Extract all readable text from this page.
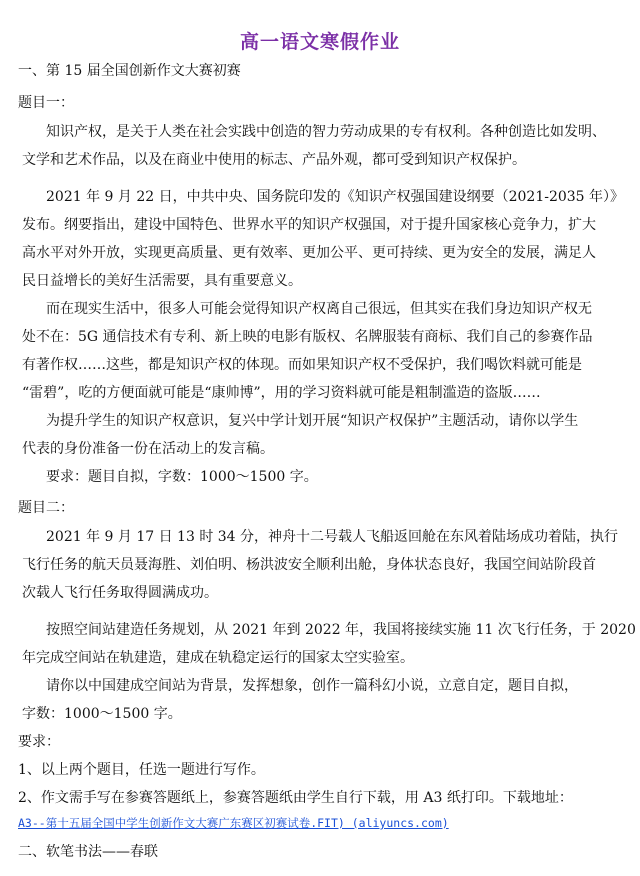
高一语文寒假作业
一、第 15 届全国创新作文大赛初赛
题目一：
知识产权，是关于人类在社会实践中创造的智力劳动成果的专有权利。各种创造比如发明、
文学和艺术作品，以及在商业中使用的标志、产品外观，都可受到知识产权保护。
2021 年 9 月 22 日，中共中央、国务院印发的《知识产权强国建设纲要（2021-2035 年）》
发布。纲要指出，建设中国特色、世界水平的知识产权强国，对于提升国家核心竞争力，扩大
高水平对外开放，实现更高质量、更有效率、更加公平、更可持续、更为安全的发展，满足人
民日益增长的美好生活需要，具有重要意义。
而在现实生活中，很多人可能会觉得知识产权离自己很远，但其实在我们身边知识产权无
处不在：5G 通信技术有专利、新上映的电影有版权、名牌服装有商标、我们自己的参赛作品
有著作权……这些，都是知识产权的体现。而如果知识产权不受保护，我们喝饮料就可能是
“雷碧”，吃的方便面就可能是“康帅博”，用的学习资料就可能是粗制滥造的盗版……
为提升学生的知识产权意识，复兴中学计划开展“知识产权保护”主题活动，请你以学生
代表的身份准备一份在活动上的发言稿。
要求：题目自拟，字数：1000～1500 字。
题目二：
2021 年 9 月 17 日 13 时 34 分，神舟十二号载人飞船返回舱在东风着陆场成功着陆，执行
飞行任务的航天员聂海胜、刘伯明、杨洪波安全顺利出舱，身体状态良好，我国空间站阶段首
次载人飞行任务取得圆满成功。
按照空间站建造任务规划，从 2021 年到 2022 年，我国将接续实施 11 次飞行任务，于 2020
年完成空间站在轨建造，建成在轨稳定运行的国家太空实验室。
请你以中国建成空间站为背景，发挥想象，创作一篇科幻小说，立意自定，题目自拟，
字数：1000～1500 字。
要求：
1、以上两个题目，任选一题进行写作。
2、作文需手写在参赛答题纸上，参赛答题纸由学生自行下载，用 A3 纸打印。下载地址：
A3--第十五届全国中学生创新作文大赛广东赛区初赛试卷.FIT) (aliyuncs.com)
二、软笔书法——春联
